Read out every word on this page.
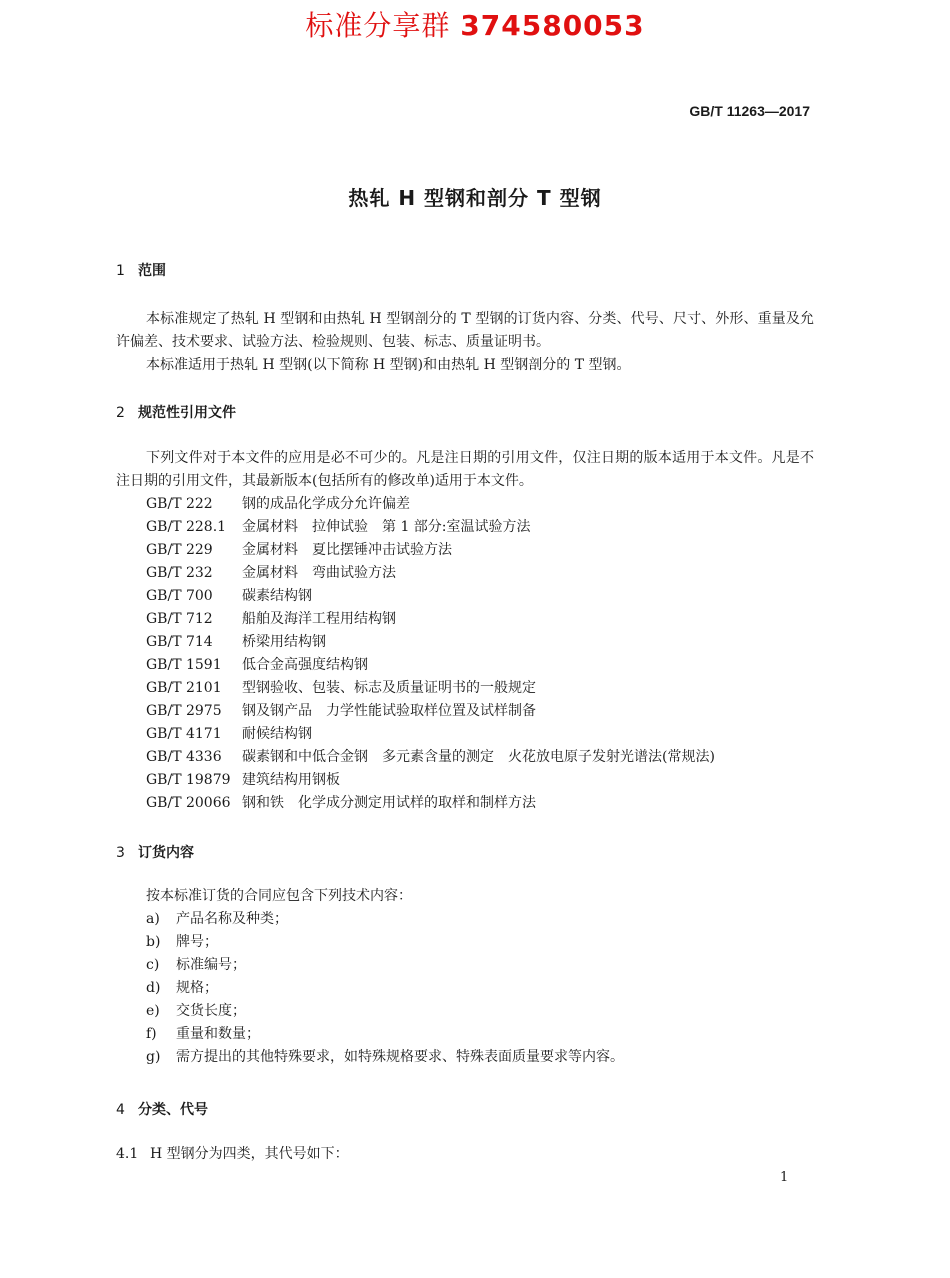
标准分享群 374580053
GB/T 11263—2017
热轧 H 型钢和剖分 T 型钢
1 范围
本标准规定了热轧 H 型钢和由热轧 H 型钢剖分的 T 型钢的订货内容、分类、代号、尺寸、外形、重量及允许偏差、技术要求、试验方法、检验规则、包装、标志、质量证明书。
本标准适用于热轧 H 型钢(以下简称 H 型钢)和由热轧 H 型钢剖分的 T 型钢。
2 规范性引用文件
下列文件对于本文件的应用是必不可少的。凡是注日期的引用文件，仅注日期的版本适用于本文件。凡是不注日期的引用文件，其最新版本(包括所有的修改单)适用于本文件。
GB/T 222 钢的成品化学成分允许偏差
GB/T 228.1 金属材料　拉伸试验　第 1 部分:室温试验方法
GB/T 229 金属材料　夏比摆锤冲击试验方法
GB/T 232 金属材料　弯曲试验方法
GB/T 700 碳素结构钢
GB/T 712 船舶及海洋工程用结构钢
GB/T 714 桥梁用结构钢
GB/T 1591 低合金高强度结构钢
GB/T 2101 型钢验收、包装、标志及质量证明书的一般规定
GB/T 2975 钢及钢产品　力学性能试验取样位置及试样制备
GB/T 4171 耐候结构钢
GB/T 4336 碳素钢和中低合金钢　多元素含量的测定　火花放电原子发射光谱法(常规法)
GB/T 19879 建筑结构用钢板
GB/T 20066 钢和铁　化学成分测定用试样的取样和制样方法
3 订货内容
按本标准订货的合同应包含下列技术内容：
a) 产品名称及种类；
b) 牌号；
c) 标准编号；
d) 规格；
e) 交货长度；
f) 重量和数量；
g) 需方提出的其他特殊要求，如特殊规格要求、特殊表面质量要求等内容。
4 分类、代号
4.1 H 型钢分为四类，其代号如下：
1
